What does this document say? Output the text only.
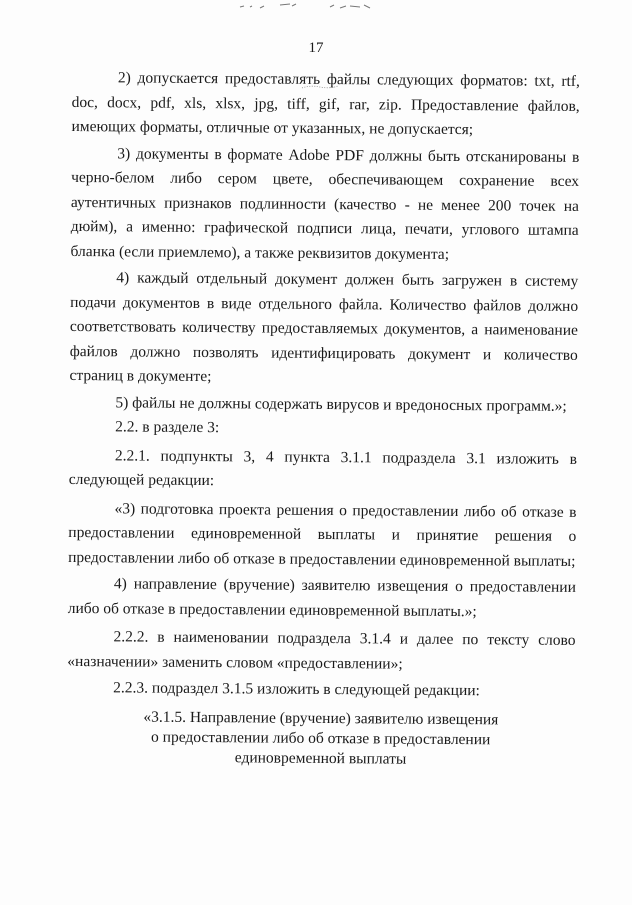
17

2) допускается предоставлять файлы следующих форматов: txt, rtf, doc, docx, pdf, xls, xlsx, jpg, tiff, gif, rar, zip. Предоставление файлов, имеющих форматы, отличные от указанных, не допускается;

3) документы в формате Adobe PDF должны быть отсканированы в черно-белом либо сером цвете, обеспечивающем сохранение всех аутентичных признаков подлинности (качество - не менее 200 точек на дюйм), а именно: графической подписи лица, печати, углового штампа бланка (если приемлемо), а также реквизитов документа;

4) каждый отдельный документ должен быть загружен в систему подачи документов в виде отдельного файла. Количество файлов должно соответствовать количеству предоставляемых документов, а наименование файлов должно позволять идентифицировать документ и количество страниц в документе;

5) файлы не должны содержать вирусов и вредоносных программ.»;

2.2. в разделе 3:

2.2.1. подпункты 3, 4 пункта 3.1.1 подраздела 3.1 изложить в следующей редакции:

«3) подготовка проекта решения о предоставлении либо об отказе в предоставлении единовременной выплаты и принятие решения о предоставлении либо об отказе в предоставлении единовременной выплаты;

4) направление (вручение) заявителю извещения о предоставлении либо об отказе в предоставлении единовременной выплаты.»;

2.2.2. в наименовании подраздела 3.1.4 и далее по тексту слово «назначении» заменить словом «предоставлении»;

2.2.3. подраздел 3.1.5 изложить в следующей редакции:

«3.1.5. Направление (вручение) заявителю извещения
о предоставлении либо об отказе в предоставлении
единовременной выплаты
